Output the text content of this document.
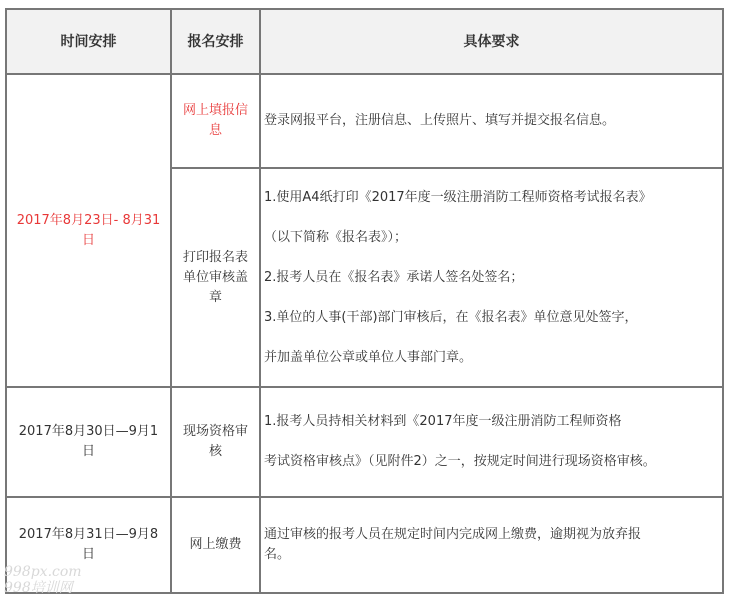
时间安排	报名安排	具体要求
2017年8月23日- 8月31日	网上填报信息	登录网报平台，注册信息、上传照片、填写并提交报名信息。
	打印报名表单位审核盖章	1.使用A4纸打印《2017年度一级注册消防工程师资格考试报名表》
（以下简称《报名表》）；
2.报考人员在《报名表》承诺人签名处签名；
3.单位的人事(干部)部门审核后，在《报名表》单位意见处签字，
并加盖单位公章或单位人事部门章。

2017年8月30日—9月1日	现场资格审核	1.报考人员持相关材料到《2017年度一级注册消防工程师资格
考试资格审核点》（见附件2）之一，按规定时间进行现场资格审核。

2017年8月31日—9月8日	网上缴费	通过审核的报考人员在规定时间内完成网上缴费，逾期视为放弃报
名。
998px.com
998培训网
